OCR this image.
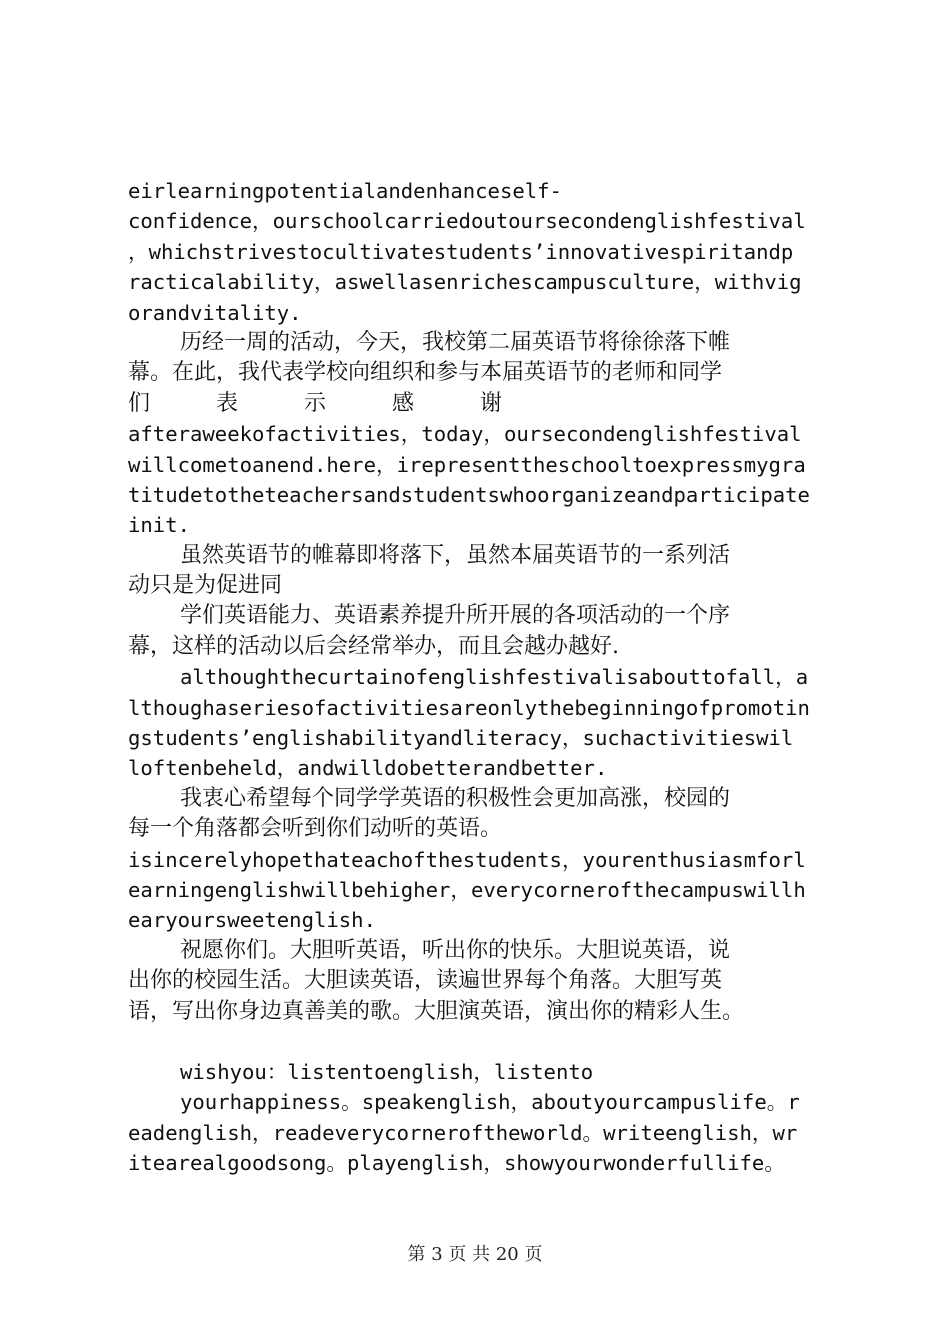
eirlearningpotentialandenhanceself-
confidence，ourschoolcarriedoutoursecondenglishfestival
，whichstrivestocultivatestudents’innovativespiritandp
racticalability，aswellasenrichescampusculture，withvig
orandvitality.
历经一周的活动，今天，我校第二届英语节将徐徐落下帷
幕。在此，我代表学校向组织和参与本届英语节的老师和同学
们　　　表　　　示　　　感　　　谢
afteraweekofactivities，today，oursecondenglishfestival
willcometoanend.here，irepresenttheschooltoexpressmygra
titudetotheteachersandstudentswhoorganizeandparticipate
init.
虽然英语节的帷幕即将落下，虽然本届英语节的一系列活
动只是为促进同
学们英语能力、英语素养提升所开展的各项活动的一个序
幕，这样的活动以后会经常举办，而且会越办越好.
althoughthecurtainofenglishfestivalisabouttofall，a
lthoughaseriesofactivitiesareonlythebeginningofpromotin
gstudents’englishabilityandliteracy，suchactivitieswil
loftenbeheld，andwilldobetterandbetter.
我衷心希望每个同学学英语的积极性会更加高涨，校园的
每一个角落都会听到你们动听的英语。
isincerelyhopethateachofthestudents，yourenthusiasmforl
earningenglishwillbehigher，everycornerofthecampuswillh
earyoursweetenglish.
祝愿你们。大胆听英语，听出你的快乐。大胆说英语，说
出你的校园生活。大胆读英语，读遍世界每个角落。大胆写英
语，写出你身边真善美的歌。大胆演英语，演出你的精彩人生。
wishyou：listentoenglish，listento
yourhappiness。speakenglish，aboutyourcampuslife。r
eadenglish，readeverycorneroftheworld。writeenglish，wr
itearealgoodsong。playenglish，showyourwonderfullife。
第 3 页 共 20 页
